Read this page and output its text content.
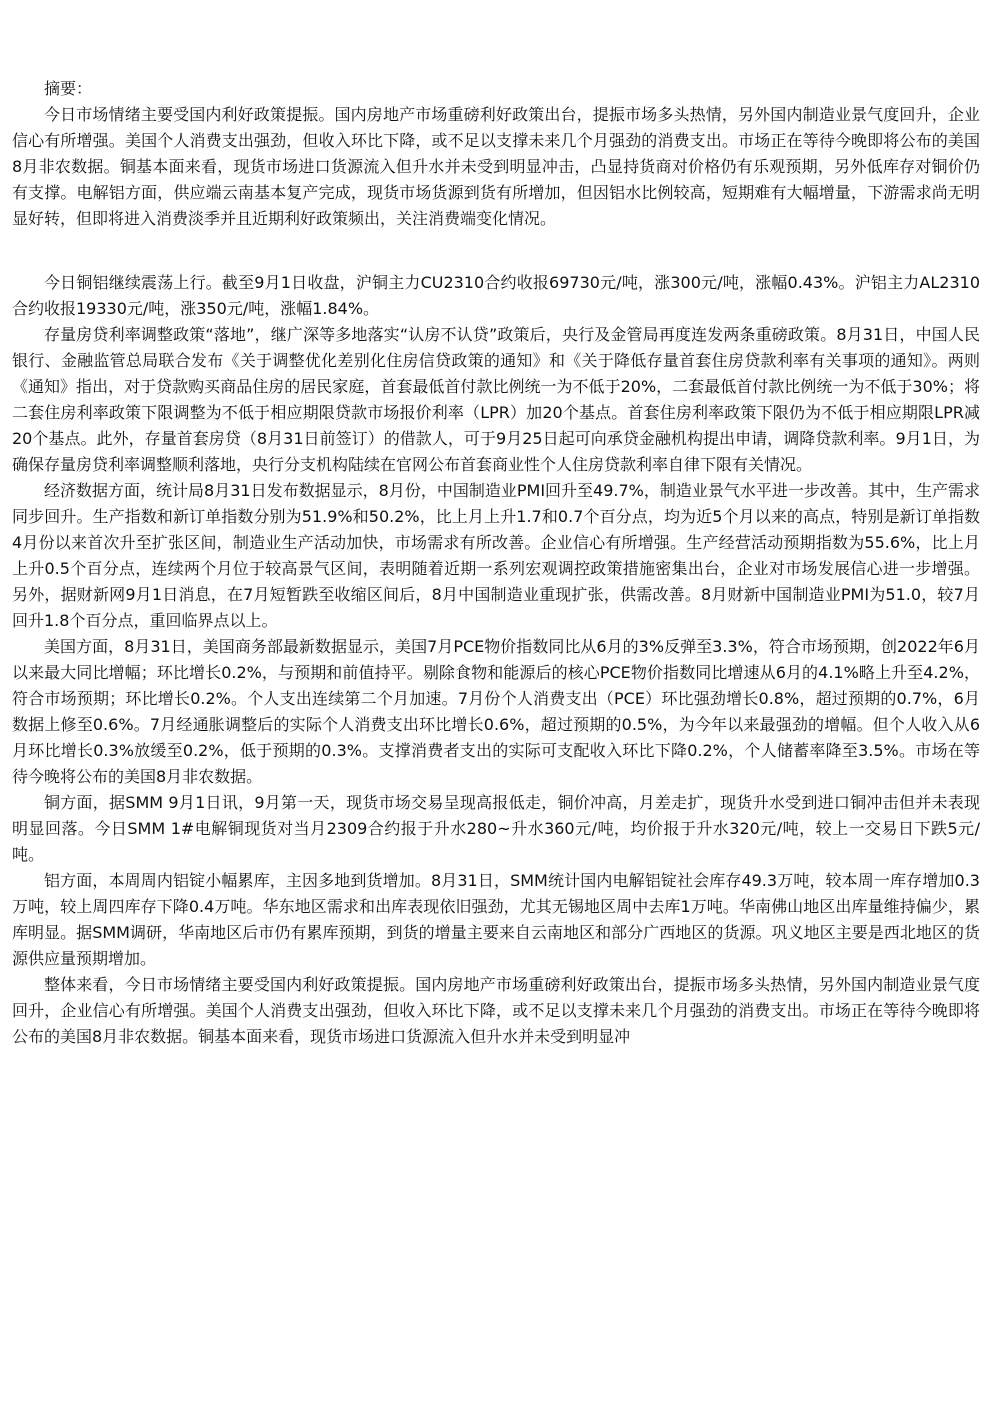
摘要：

今日市场情绪主要受国内利好政策提振。国内房地产市场重磅利好政策出台，提振市场多头热情，另外国内制造业景气度回升，企业信心有所增强。美国个人消费支出强劲，但收入环比下降，或不足以支撑未来几个月强劲的消费支出。市场正在等待今晚即将公布的美国8月非农数据。铜基本面来看，现货市场进口货源流入但升水并未受到明显冲击，凸显持货商对价格仍有乐观预期，另外低库存对铜价仍有支撑。电解铝方面，供应端云南基本复产完成，现货市场货源到货有所增加，但因铝水比例较高，短期难有大幅增量，下游需求尚无明显好转，但即将进入消费淡季并且近期利好政策频出，关注消费端变化情况。

今日铜铝继续震荡上行。截至9月1日收盘，沪铜主力CU2310合约收报69730元/吨，涨300元/吨，涨幅0.43%。沪铝主力AL2310合约收报19330元/吨，涨350元/吨，涨幅1.84%。

存量房贷利率调整政策“落地”，继广深等多地落实“认房不认贷”政策后，央行及金管局再度连发两条重磅政策。8月31日，中国人民银行、金融监管总局联合发布《关于调整优化差别化住房信贷政策的通知》和《关于降低存量首套住房贷款利率有关事项的通知》。两则《通知》指出，对于贷款购买商品住房的居民家庭，首套最低首付款比例统一为不低于20%，二套最低首付款比例统一为不低于30%；将二套住房利率政策下限调整为不低于相应期限贷款市场报价利率（LPR）加20个基点。首套住房利率政策下限仍为不低于相应期限LPR减20个基点。此外，存量首套房贷（8月31日前签订）的借款人，可于9月25日起可向承贷金融机构提出申请，调降贷款利率。9月1日，为确保存量房贷利率调整顺利落地，央行分支机构陆续在官网公布首套商业性个人住房贷款利率自律下限有关情况。

经济数据方面，统计局8月31日发布数据显示，8月份，中国制造业PMI回升至49.7%，制造业景气水平进一步改善。其中，生产需求同步回升。生产指数和新订单指数分别为51.9%和50.2%，比上月上升1.7和0.7个百分点，均为近5个月以来的高点，特别是新订单指数4月份以来首次升至扩张区间，制造业生产活动加快，市场需求有所改善。企业信心有所增强。生产经营活动预期指数为55.6%，比上月上升0.5个百分点，连续两个月位于较高景气区间，表明随着近期一系列宏观调控政策措施密集出台，企业对市场发展信心进一步增强。另外，据财新网9月1日消息，在7月短暂跌至收缩区间后，8月中国制造业重现扩张，供需改善。8月财新中国制造业PMI为51.0，较7月回升1.8个百分点，重回临界点以上。

美国方面，8月31日，美国商务部最新数据显示，美国7月PCE物价指数同比从6月的3%反弹至3.3%，符合市场预期，创2022年6月以来最大同比增幅；环比增长0.2%，与预期和前值持平。剔除食物和能源后的核心PCE物价指数同比增速从6月的4.1%略上升至4.2%，符合市场预期；环比增长0.2%。个人支出连续第二个月加速。7月份个人消费支出（PCE）环比强劲增长0.8%，超过预期的0.7%，6月数据上修至0.6%。7月经通胀调整后的实际个人消费支出环比增长0.6%，超过预期的0.5%，为今年以来最强劲的增幅。但个人收入从6月环比增长0.3%放缓至0.2%，低于预期的0.3%。支撑消费者支出的实际可支配收入环比下降0.2%，个人储蓄率降至3.5%。市场在等待今晚将公布的美国8月非农数据。

铜方面，据SMM 9月1日讯，9月第一天，现货市场交易呈现高报低走，铜价冲高，月差走扩，现货升水受到进口铜冲击但并未表现明显回落。今日SMM 1#电解铜现货对当月2309合约报于升水280~升水360元/吨，均价报于升水320元/吨，较上一交易日下跌5元/吨。

铝方面，本周周内铝锭小幅累库，主因多地到货增加。8月31日，SMM统计国内电解铝锭社会库存49.3万吨，较本周一库存增加0.3万吨，较上周四库存下降0.4万吨。华东地区需求和出库表现依旧强劲，尤其无锡地区周中去库1万吨。华南佛山地区出库量维持偏少，累库明显。据SMM调研，华南地区后市仍有累库预期，到货的增量主要来自云南地区和部分广西地区的货源。巩义地区主要是西北地区的货源供应量预期增加。

整体来看，今日市场情绪主要受国内利好政策提振。国内房地产市场重磅利好政策出台，提振市场多头热情，另外国内制造业景气度回升，企业信心有所增强。美国个人消费支出强劲，但收入环比下降，或不足以支撑未来几个月强劲的消费支出。市场正在等待今晚即将公布的美国8月非农数据。铜基本面来看，现货市场进口货源流入但升水并未受到明显冲
